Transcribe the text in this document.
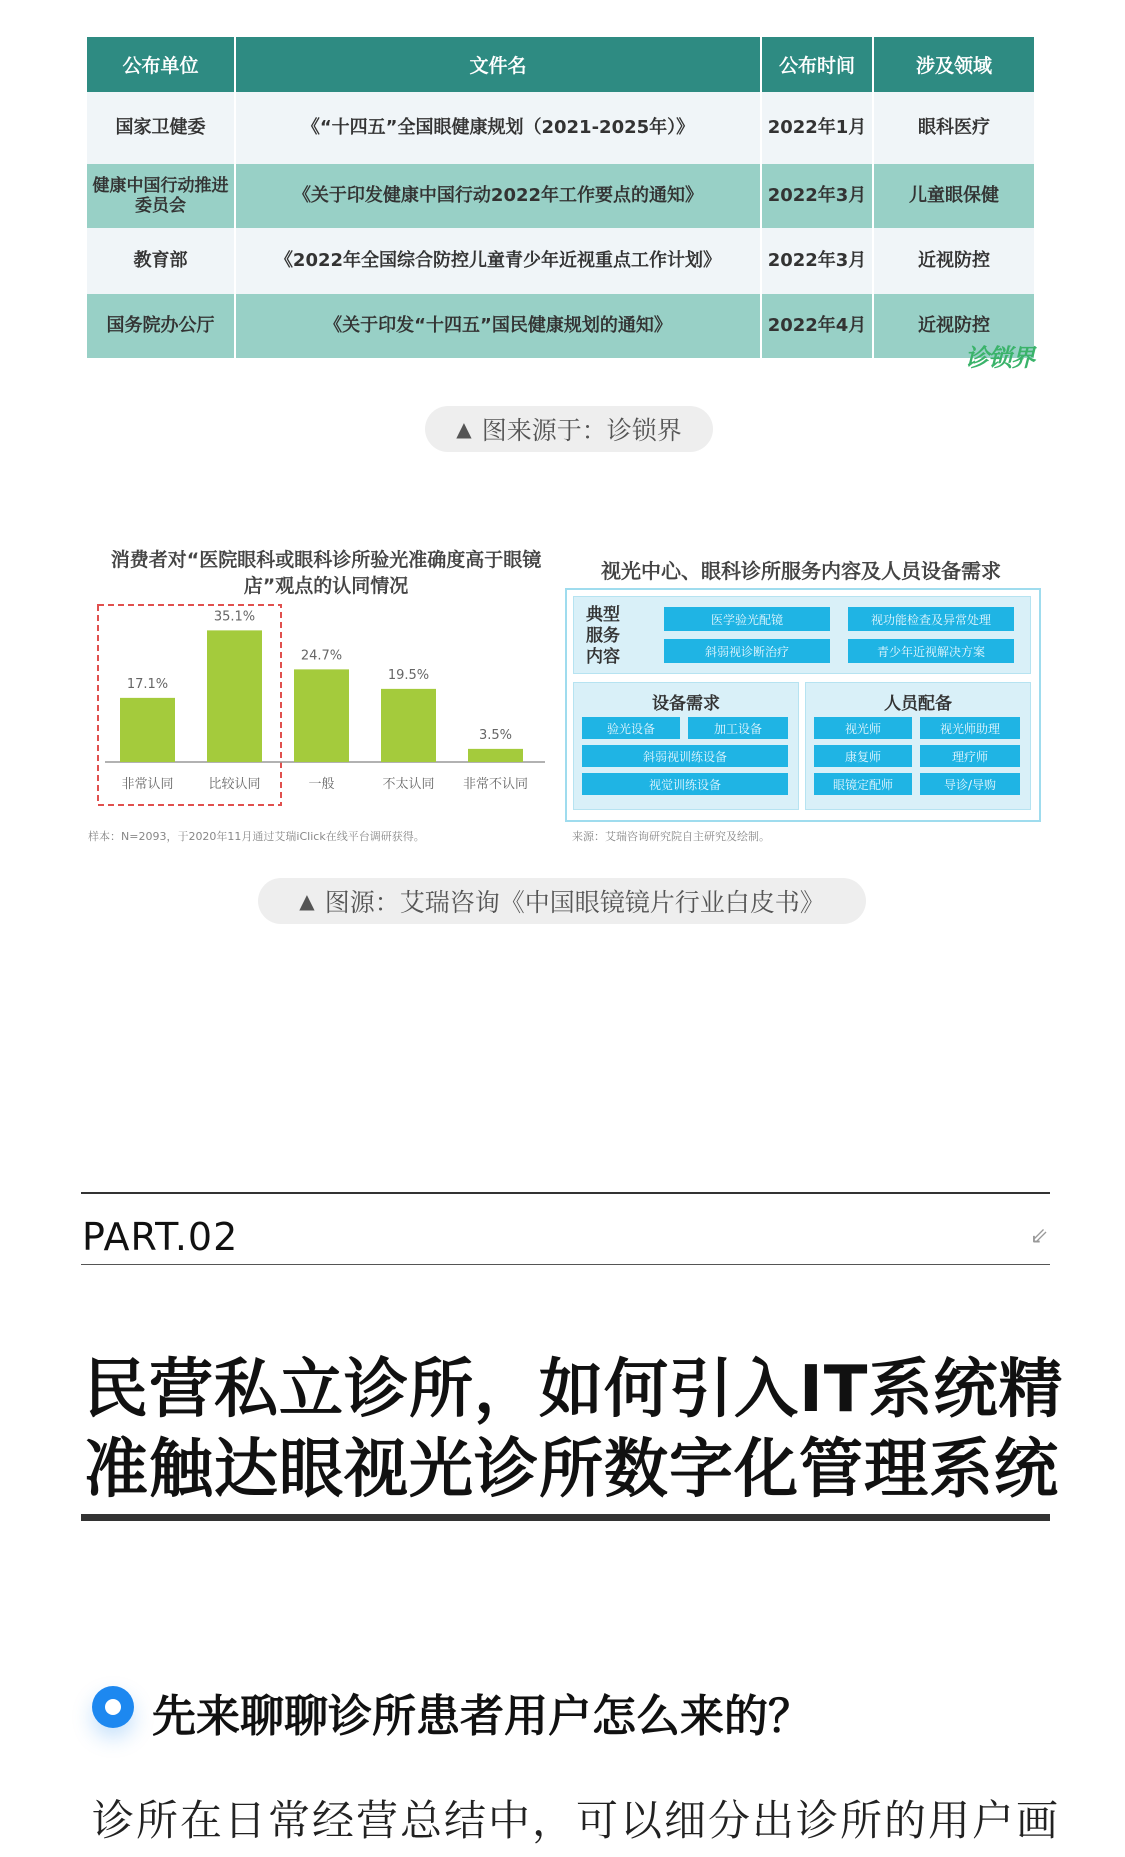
公布单位	文件名	公布时间	涉及领域
国家卫健委	《“十四五”全国眼健康规划（2021-2025年）》	2022年1月	眼科医疗
健康中国行动推进委员会	《关于印发健康中国行动2022年工作要点的通知》	2022年3月	儿童眼保健
教育部	《2022年全国综合防控儿童青少年近视重点工作计划》	2022年3月	近视防控
国务院办公厅	《关于印发“十四五”国民健康规划的通知》	2022年4月	近视防控
诊锁界
▲ 图来源于：诊锁界
消费者对“医院眼科或眼科诊所验光准确度高于眼镜店”观点的认同情况
17.1%
非常认同
35.1%
比较认同
24.7%
一般
19.5%
不太认同
3.5%
非常不认同
样本：N=2093，于2020年11月通过艾瑞iClick在线平台调研获得。
视光中心、眼科诊所服务内容及人员设备需求
典型服务内容
医学验光配镜	视功能检查及异常处理
斜弱视诊断治疗	青少年近视解决方案
设备需求
验光设备	加工设备
斜弱视训练设备
视觉训练设备
人员配备
视光师	视光师助理
康复师	理疗师
眼镜定配师	导诊/导购
来源：艾瑞咨询研究院自主研究及绘制。
▲ 图源：艾瑞咨询《中国眼镜镜片行业白皮书》
PART.02	⇙
民营私立诊所，如何引入IT系统精
准触达眼视光诊所数字化管理系统
先来聊聊诊所患者用户怎么来的？
诊所在日常经营总结中，可以细分出诊所的用户画
